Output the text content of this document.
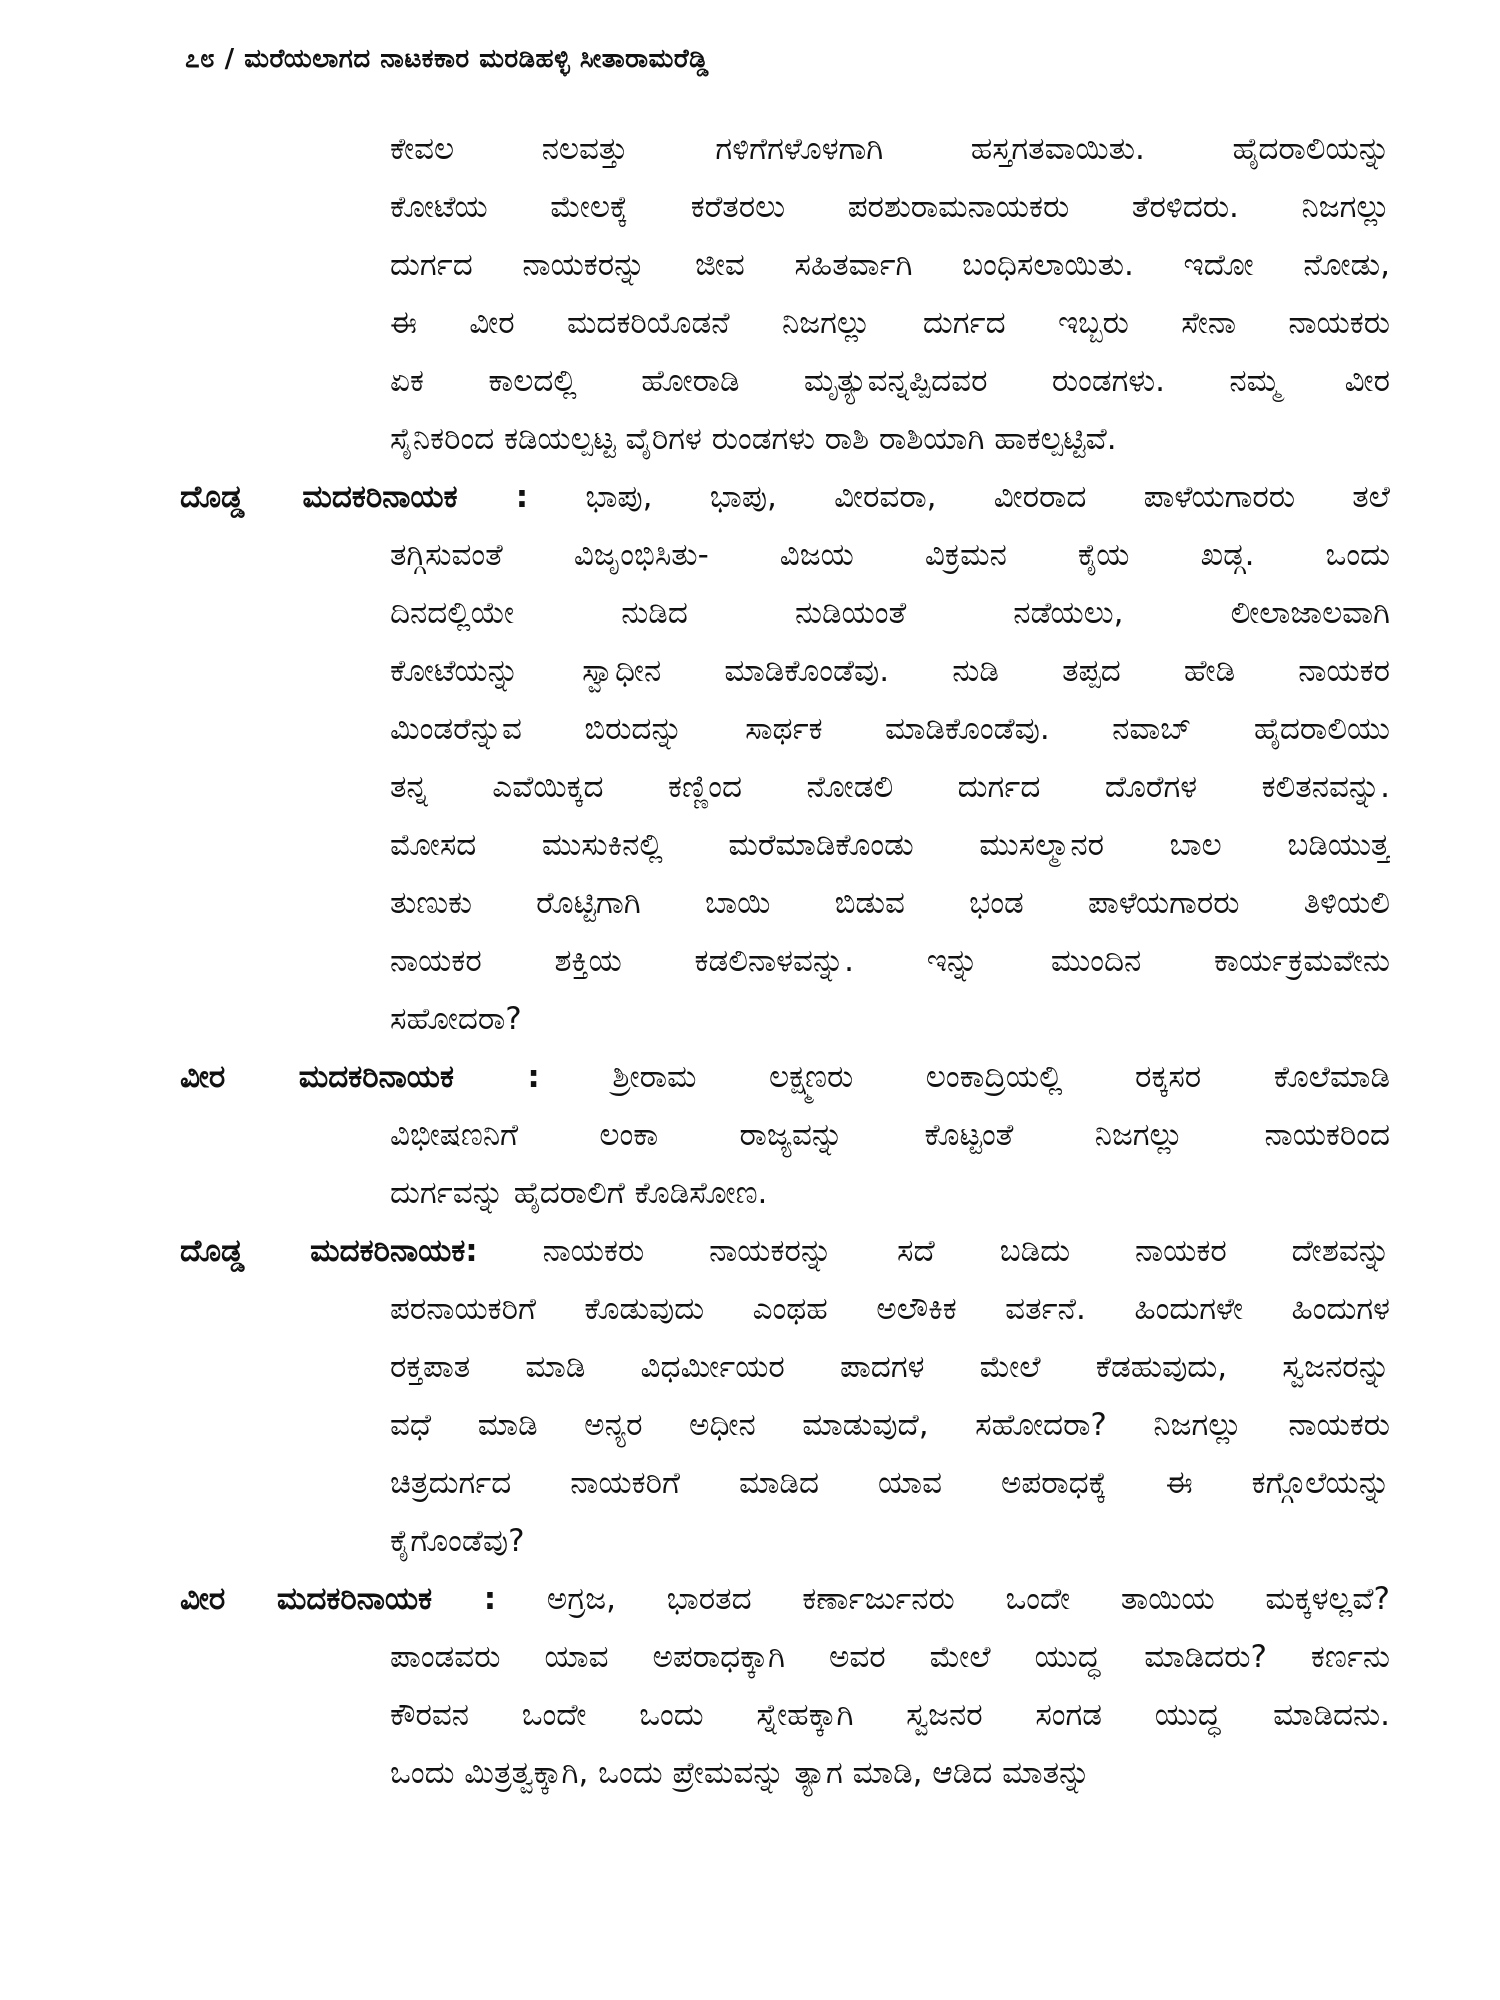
೭೮ / ಮರೆಯಲಾಗದ ನಾಟಕಕಾರ ಮರಡಿಹಳ್ಳಿ ಸೀತಾರಾಮರೆಡ್ಡಿ
ಕೇವಲ ನಲವತ್ತು ಗಳಿಗೆಗಳೊಳಗಾಗಿ ಹಸ್ತಗತವಾಯಿತು. ಹೈದರಾಲಿಯನ್ನು
ಕೋಟೆಯ ಮೇಲಕ್ಕೆ ಕರೆತರಲು ಪರಶುರಾಮನಾಯಕರು ತೆರಳಿದರು. ನಿಜಗಲ್ಲು
ದುರ್ಗದ ನಾಯಕರನ್ನು ಜೀವ ಸಹಿತರ್ವಾಗಿ ಬಂಧಿಸಲಾಯಿತು. ಇದೋ ನೋಡು,
ಈ ವೀರ ಮದಕರಿಯೊಡನೆ ನಿಜಗಲ್ಲು ದುರ್ಗದ ಇಬ್ಬರು ಸೇನಾ ನಾಯಕರು
ಏಕ ಕಾಲದಲ್ಲಿ ಹೋರಾಡಿ ಮೃತ್ಯುವನ್ನಪ್ಪಿದವರ ರುಂಡಗಳು. ನಮ್ಮ ವೀರ
ಸೈನಿಕರಿಂದ ಕಡಿಯಲ್ಪಟ್ಟ ವೈರಿಗಳ ರುಂಡಗಳು ರಾಶಿ ರಾಶಿಯಾಗಿ ಹಾಕಲ್ಪಟ್ಟಿವೆ.
ದೊಡ್ಡ ಮದಕರಿನಾಯಕ : ಭಾಪು, ಭಾಪು, ವೀರವರಾ, ವೀರರಾದ ಪಾಳೆಯಗಾರರು ತಲೆ
ತಗ್ಗಿಸುವಂತೆ ವಿಜೃಂಭಿಸಿತು- ವಿಜಯ ವಿಕ್ರಮನ ಕೈಯ ಖಡ್ಗ. ಒಂದು
ದಿನದಲ್ಲಿಯೇ ನುಡಿದ ನುಡಿಯಂತೆ ನಡೆಯಲು, ಲೀಲಾಜಾಲವಾಗಿ
ಕೋಟೆಯನ್ನು ಸ್ವಾಧೀನ ಮಾಡಿಕೊಂಡೆವು. ನುಡಿ ತಪ್ಪದ ಹೇಡಿ ನಾಯಕರ
ಮಿಂಡರೆನ್ನುವ ಬಿರುದನ್ನು ಸಾರ್ಥಕ ಮಾಡಿಕೊಂಡೆವು. ನವಾಬ್ ಹೈದರಾಲಿಯು
ತನ್ನ ಎವೆಯಿಕ್ಕದ ಕಣ್ಣಿಂದ ನೋಡಲಿ ದುರ್ಗದ ದೊರೆಗಳ ಕಲಿತನವನ್ನು.
ಮೋಸದ ಮುಸುಕಿನಲ್ಲಿ ಮರೆಮಾಡಿಕೊಂಡು ಮುಸಲ್ಮಾನರ ಬಾಲ ಬಡಿಯುತ್ತ
ತುಣುಕು ರೊಟ್ಟಿಗಾಗಿ ಬಾಯಿ ಬಿಡುವ ಭಂಡ ಪಾಳೆಯಗಾರರು ತಿಳಿಯಲಿ
ನಾಯಕರ ಶಕ್ತಿಯ ಕಡಲಿನಾಳವನ್ನು. ಇನ್ನು ಮುಂದಿನ ಕಾರ್ಯಕ್ರಮವೇನು
ಸಹೋದರಾ?
ವೀರ ಮದಕರಿನಾಯಕ : ಶ್ರೀರಾಮ ಲಕ್ಷ್ಮಣರು ಲಂಕಾದ್ರಿಯಲ್ಲಿ ರಕ್ಕಸರ ಕೊಲೆಮಾಡಿ
ವಿಭೀಷಣನಿಗೆ ಲಂಕಾ ರಾಜ್ಯವನ್ನು ಕೊಟ್ಟಂತೆ ನಿಜಗಲ್ಲು ನಾಯಕರಿಂದ
ದುರ್ಗವನ್ನು ಹೈದರಾಲಿಗೆ ಕೊಡಿಸೋಣ.
ದೊಡ್ಡ ಮದಕರಿನಾಯಕ: ನಾಯಕರು ನಾಯಕರನ್ನು ಸದೆ ಬಡಿದು ನಾಯಕರ ದೇಶವನ್ನು
ಪರನಾಯಕರಿಗೆ ಕೊಡುವುದು ಎಂಥಹ ಅಲೌಕಿಕ ವರ್ತನೆ. ಹಿಂದುಗಳೇ ಹಿಂದುಗಳ
ರಕ್ತಪಾತ ಮಾಡಿ ವಿಧರ್ಮೀಯರ ಪಾದಗಳ ಮೇಲೆ ಕೆಡಹುವುದು, ಸ್ವಜನರನ್ನು
ವಧೆ ಮಾಡಿ ಅನ್ಯರ ಅಧೀನ ಮಾಡುವುದೆ, ಸಹೋದರಾ? ನಿಜಗಲ್ಲು ನಾಯಕರು
ಚಿತ್ರದುರ್ಗದ ನಾಯಕರಿಗೆ ಮಾಡಿದ ಯಾವ ಅಪರಾಧಕ್ಕೆ ಈ ಕಗ್ಗೊಲೆಯನ್ನು
ಕೈಗೊಂಡೆವು?
ವೀರ ಮದಕರಿನಾಯಕ : ಅಗ್ರಜ, ಭಾರತದ ಕರ್ಣಾರ್ಜುನರು ಒಂದೇ ತಾಯಿಯ ಮಕ್ಕಳಲ್ಲವೆ?
ಪಾಂಡವರು ಯಾವ ಅಪರಾಧಕ್ಕಾಗಿ ಅವರ ಮೇಲೆ ಯುದ್ಧ ಮಾಡಿದರು? ಕರ್ಣನು
ಕೌರವನ ಒಂದೇ ಒಂದು ಸ್ನೇಹಕ್ಕಾಗಿ ಸ್ವಜನರ ಸಂಗಡ ಯುದ್ಧ ಮಾಡಿದನು.
ಒಂದು ಮಿತ್ರತ್ವಕ್ಕಾಗಿ, ಒಂದು ಪ್ರೇಮವನ್ನು ತ್ಯಾಗ ಮಾಡಿ, ಆಡಿದ ಮಾತನ್ನು
